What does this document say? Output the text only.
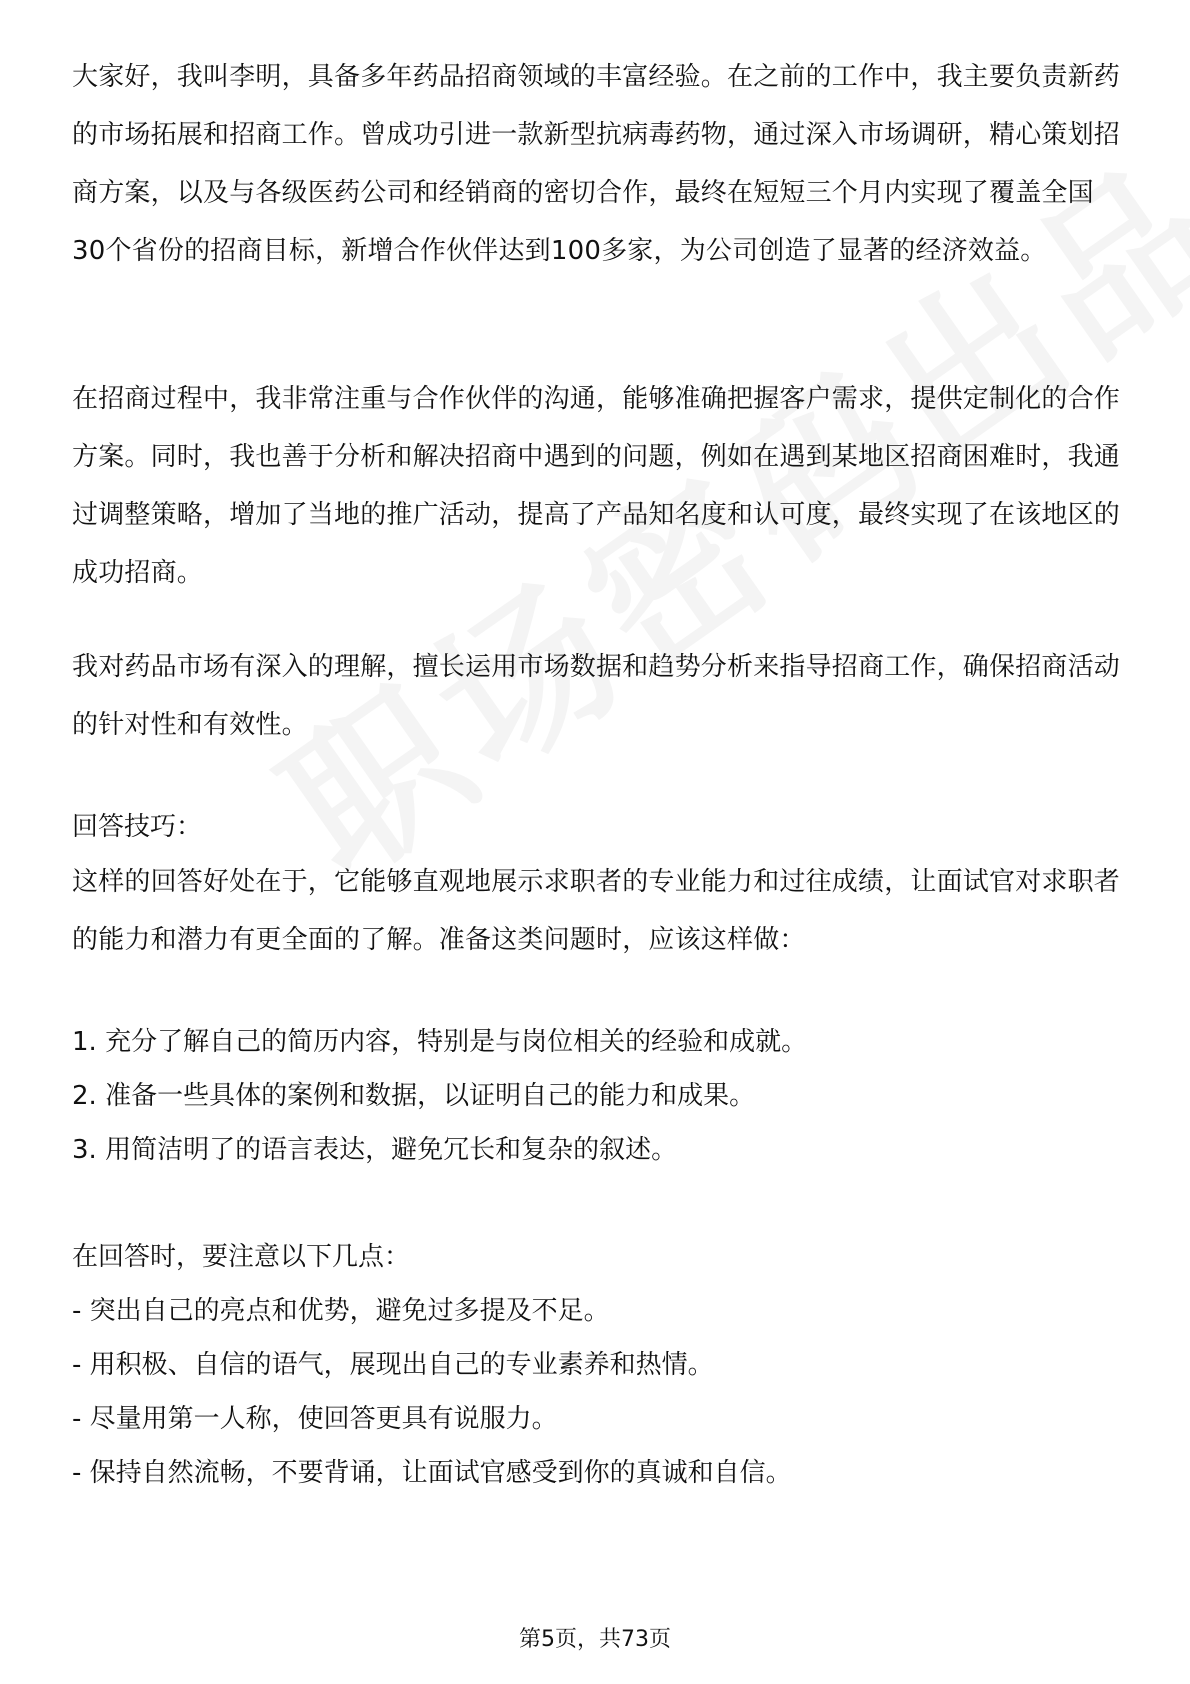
大家好，我叫李明，具备多年药品招商领域的丰富经验。在之前的工作中，我主要负责新药的市场拓展和招商工作。曾成功引进一款新型抗病毒药物，通过深入市场调研，精心策划招商方案，以及与各级医药公司和经销商的密切合作，最终在短短三个月内实现了覆盖全国30个省份的招商目标，新增合作伙伴达到100多家，为公司创造了显著的经济效益。

在招商过程中，我非常注重与合作伙伴的沟通，能够准确把握客户需求，提供定制化的合作方案。同时，我也善于分析和解决招商中遇到的问题，例如在遇到某地区招商困难时，我通过调整策略，增加了当地的推广活动，提高了产品知名度和认可度，最终实现了在该地区的成功招商。

我对药品市场有深入的理解，擅长运用市场数据和趋势分析来指导招商工作，确保招商活动的针对性和有效性。

回答技巧：

这样的回答好处在于，它能够直观地展示求职者的专业能力和过往成绩，让面试官对求职者的能力和潜力有更全面的了解。准备这类问题时，应该这样做：

1. 充分了解自己的简历内容，特别是与岗位相关的经验和成就。

2. 准备一些具体的案例和数据，以证明自己的能力和成果。

3. 用简洁明了的语言表达，避免冗长和复杂的叙述。

在回答时，要注意以下几点：

- 突出自己的亮点和优势，避免过多提及不足。

- 用积极、自信的语气，展现出自己的专业素养和热情。

- 尽量用第一人称，使回答更具有说服力。

- 保持自然流畅，不要背诵，让面试官感受到你的真诚和自信。

第5页，共73页
